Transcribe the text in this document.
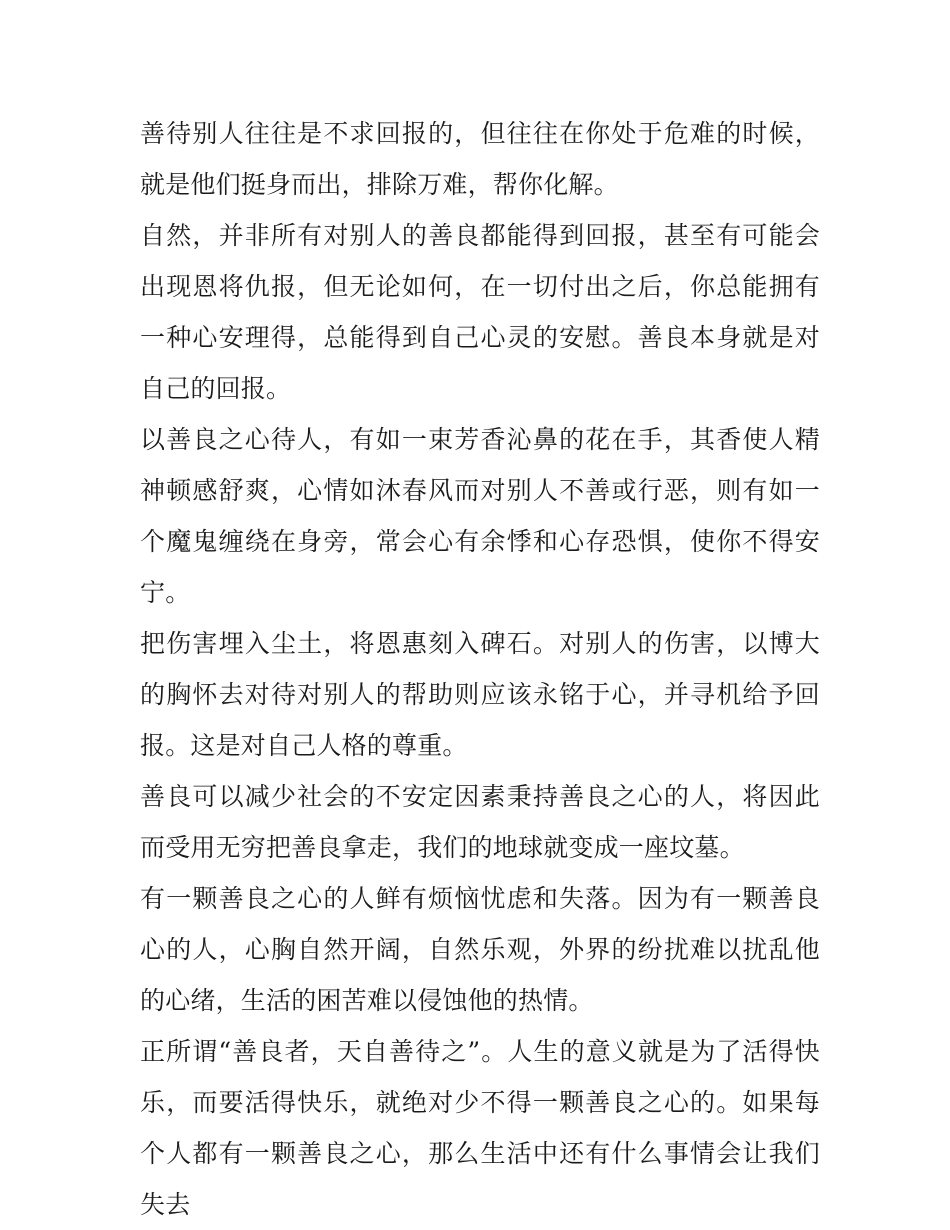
善待别人往往是不求回报的，但往往在你处于危难的时候，就是他们挺身而出，排除万难，帮你化解。

自然，并非所有对别人的善良都能得到回报，甚至有可能会出现恩将仇报，但无论如何，在一切付出之后，你总能拥有一种心安理得，总能得到自己心灵的安慰。善良本身就是对自己的回报。

以善良之心待人，有如一束芳香沁鼻的花在手，其香使人精神顿感舒爽，心情如沐春风而对别人不善或行恶，则有如一个魔鬼缠绕在身旁，常会心有余悸和心存恐惧，使你不得安宁。

把伤害埋入尘土，将恩惠刻入碑石。对别人的伤害，以博大的胸怀去对待对别人的帮助则应该永铭于心，并寻机给予回报。这是对自己人格的尊重。

善良可以减少社会的不安定因素秉持善良之心的人，将因此而受用无穷把善良拿走，我们的地球就变成一座坟墓。

有一颗善良之心的人鲜有烦恼忧虑和失落。因为有一颗善良心的人，心胸自然开阔，自然乐观，外界的纷扰难以扰乱他的心绪，生活的困苦难以侵蚀他的热情。

正所谓“善良者，天自善待之”。人生的意义就是为了活得快乐，而要活得快乐，就绝对少不得一颗善良之心的。如果每个人都有一颗善良之心，那么生活中还有什么事情会让我们失去
